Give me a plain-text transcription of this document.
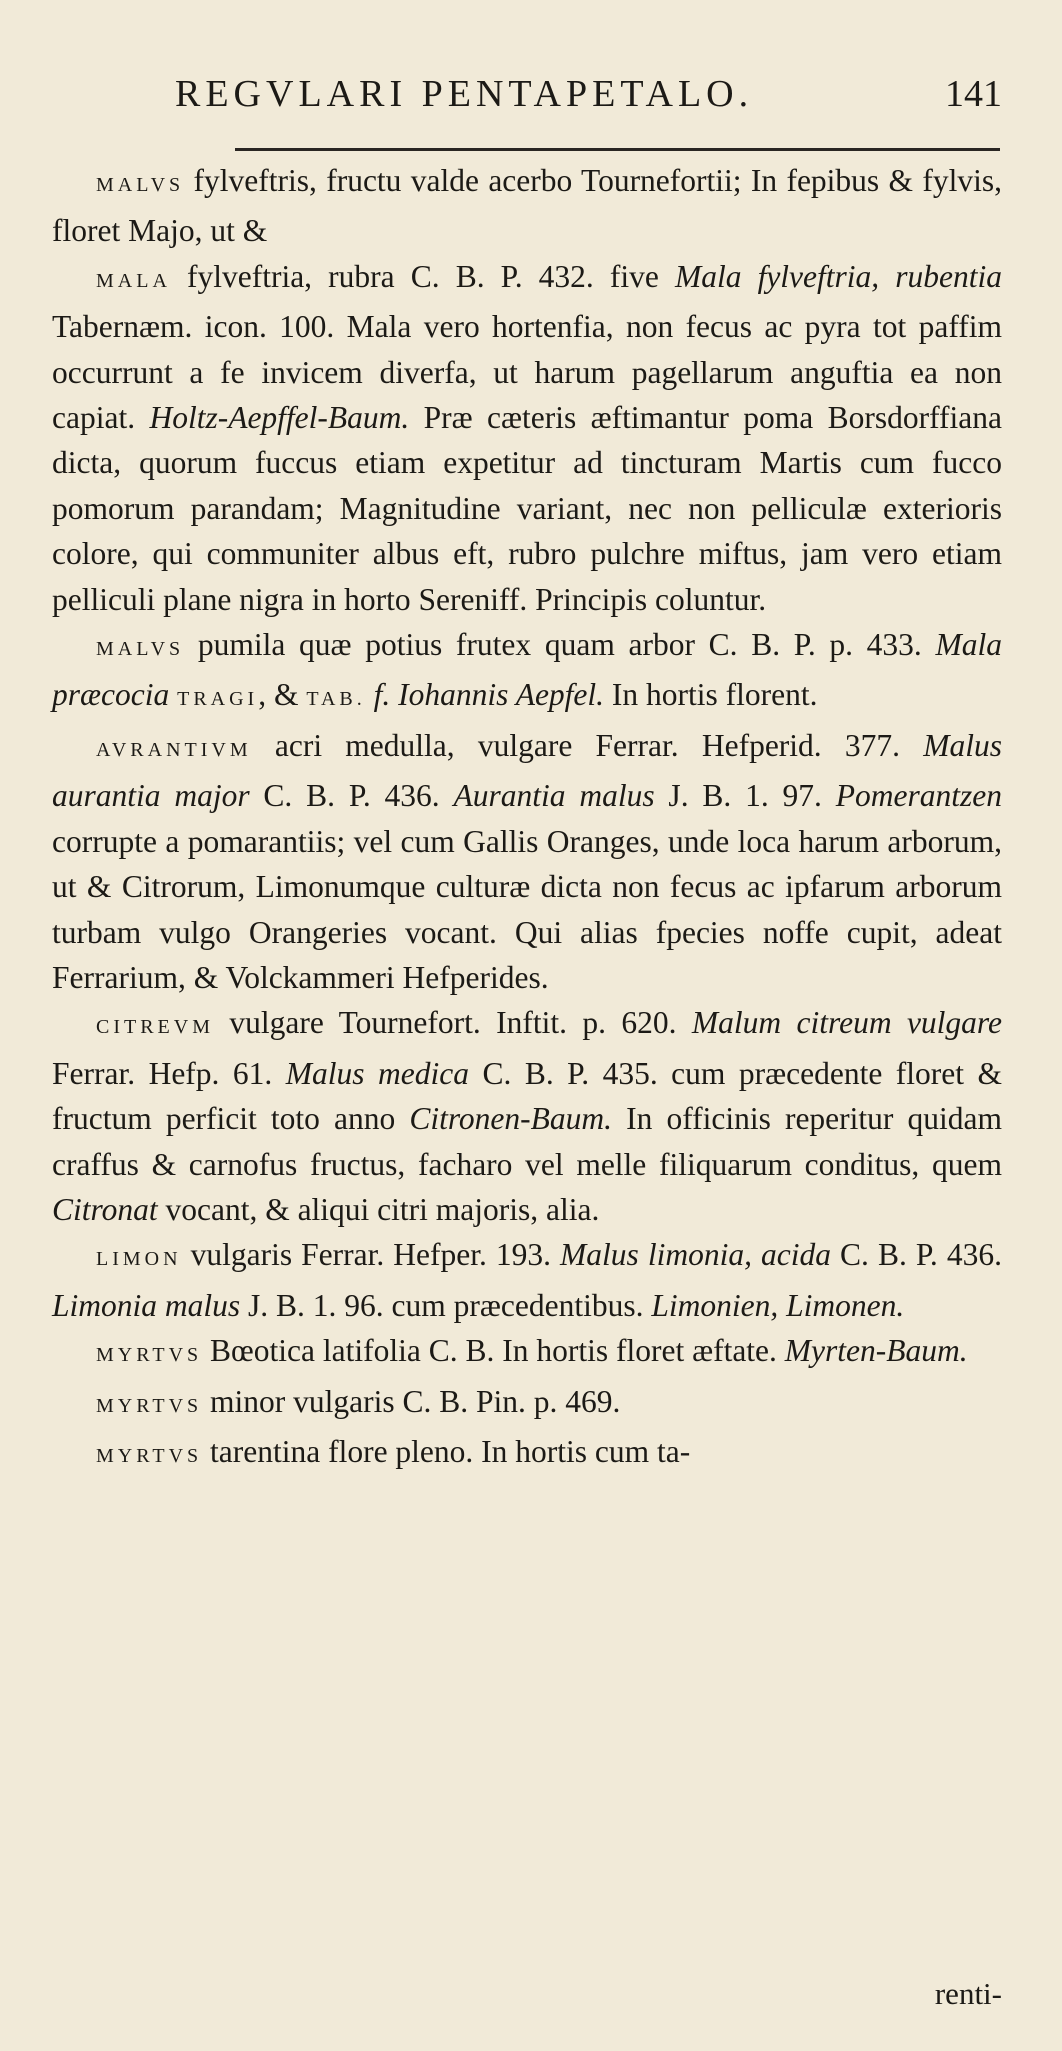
REGVLARI PENTAPETALO.	141

MALVS fylveftris, fructu valde acerbo Tournefortii; In fepibus & fylvis, floret Majo, ut &

MALA fylveftria, rubra C. B. P. 432. five Mala fylveftria, rubentia Tabernæm. icon. 100. Mala vero hortenfia, non fecus ac pyra tot paffim occurrunt a fe invicem diverfa, ut harum pagellarum anguftia ea non capiat. Holtz-Aepffel-Baum. Præ cæteris æftimantur poma Borsdorffiana dicta, quorum fuccus etiam expetitur ad tincturam Martis cum fucco pomorum parandam; Magnitudine variant, nec non pelliculæ exterioris colore, qui communiter albus eft, rubro pulchre miftus, jam vero etiam pelliculi plane nigra in horto Sereniff. Principis coluntur.

MALVS pumila quæ potius frutex quam arbor C. B. P. p. 433. Mala præcocia TRAGI, & TAB. f. Iohannis Aepfel. In hortis florent.

AVRANTIVM acri medulla, vulgare Ferrar. Hefperid. 377. Malus aurantia major C. B. P. 436. Aurantia malus J. B. 1. 97. Pomerantzen corrupte a pomarantiis; vel cum Gallis Oranges, unde loca harum arborum, ut & Citrorum, Limonumque culturæ dicta non fecus ac ipfarum arborum turbam vulgo Orangeries vocant. Qui alias fpecies noffe cupit, adeat Ferrarium, & Volckammeri Hefperides.

CITREVM vulgare Tournefort. Inftit. p. 620. Malum citreum vulgare Ferrar. Hefp. 61. Malus medica C. B. P. 435. cum præcedente floret & fructum perficit toto anno Citronen-Baum. In officinis reperitur quidam craffus & carnofus fructus, facharo vel melle filiquarum conditus, quem Citronat vocant, & aliqui citri majoris, alia.

LIMON vulgaris Ferrar. Hefper. 193. Malus limonia, acida C. B. P. 436. Limonia malus J. B. 1. 96. cum præcedentibus. Limonien, Limonen.

MYRTVS Bœotica latifolia C. B. In hortis floret æftate. Myrten-Baum.

MYRTVS minor vulgaris C. B. Pin. p. 469.

MYRTVS tarentina flore pleno. In hortis cum ta-

renti-
